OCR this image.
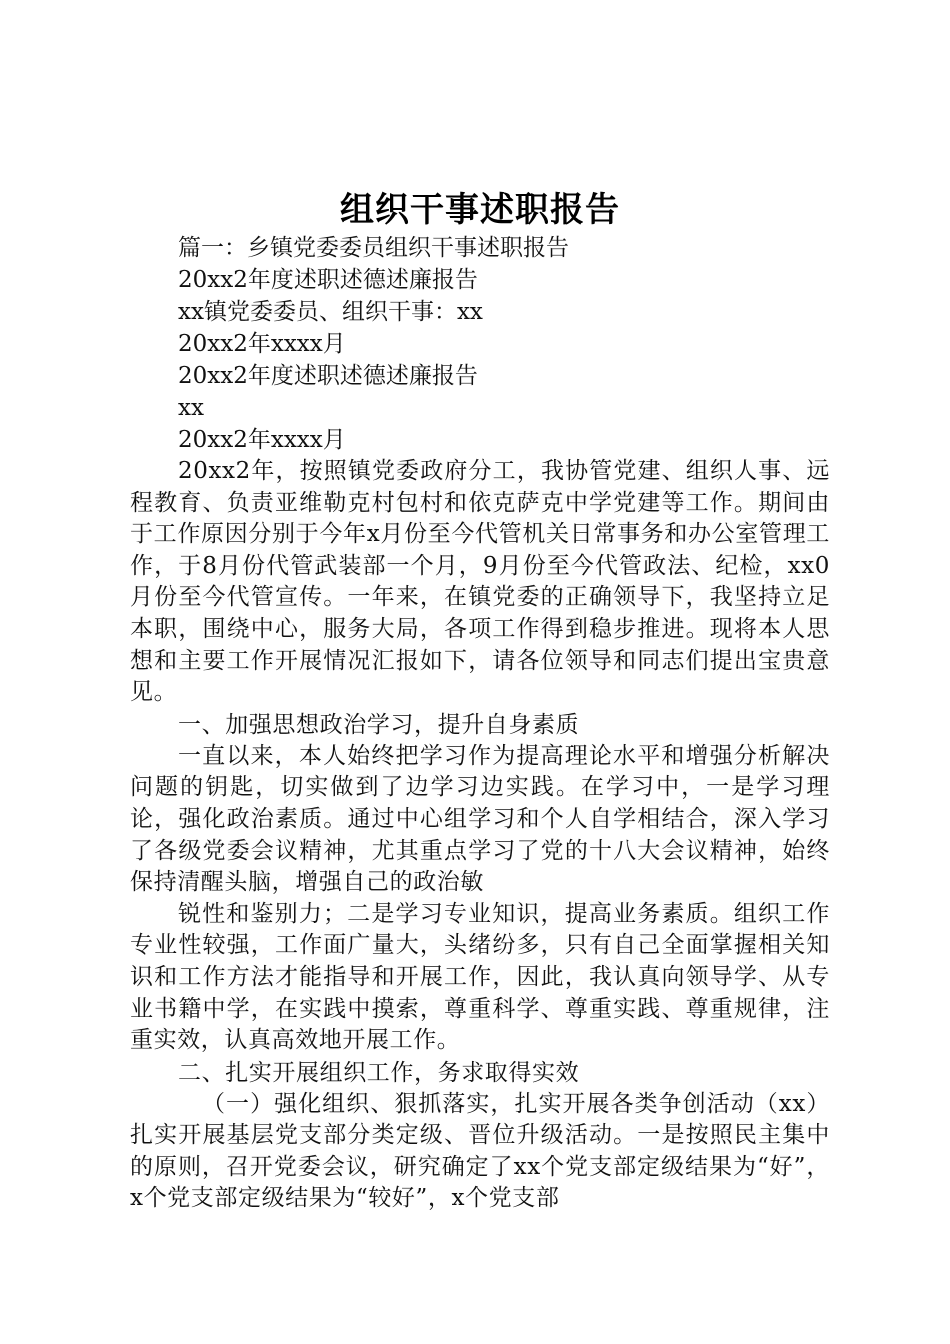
组织干事述职报告
篇一：乡镇党委委员组织干事述职报告
20xx2年度述职述德述廉报告
xx镇党委委员、组织干事：xx
20xx2年xxxx月
20xx2年度述职述德述廉报告
xx
20xx2年xxxx月

20xx2年，按照镇党委政府分工，我协管党建、组织人事、远程教育、负责亚维勒克村包村和依克萨克中学党建等工作。期间由于工作原因分别于今年x月份至今代管机关日常事务和办公室管理工作，于8月份代管武装部一个月，9月份至今代管政法、纪检，xx0月份至今代管宣传。一年来，在镇党委的正确领导下，我坚持立足本职，围绕中心，服务大局，各项工作得到稳步推进。现将本人思想和主要工作开展情况汇报如下，请各位领导和同志们提出宝贵意见。

一、加强思想政治学习，提升自身素质

一直以来，本人始终把学习作为提高理论水平和增强分析解决问题的钥匙，切实做到了边学习边实践。在学习中，一是学习理论，强化政治素质。通过中心组学习和个人自学相结合，深入学习了各级党委会议精神，尤其重点学习了党的十八大会议精神，始终保持清醒头脑，增强自己的政治敏

锐性和鉴别力；二是学习专业知识，提高业务素质。组织工作专业性较强，工作面广量大，头绪纷多，只有自己全面掌握相关知识和工作方法才能指导和开展工作，因此，我认真向领导学、从专业书籍中学，在实践中摸索，尊重科学、尊重实践、尊重规律，注重实效，认真高效地开展工作。

二、扎实开展组织工作，务求取得实效

（一）强化组织、狠抓落实，扎实开展各类争创活动（xx）扎实开展基层党支部分类定级、晋位升级活动。一是按照民主集中的原则，召开党委会议，研究确定了xx个党支部定级结果为“好”，x个党支部定级结果为“较好”，x个党支部
